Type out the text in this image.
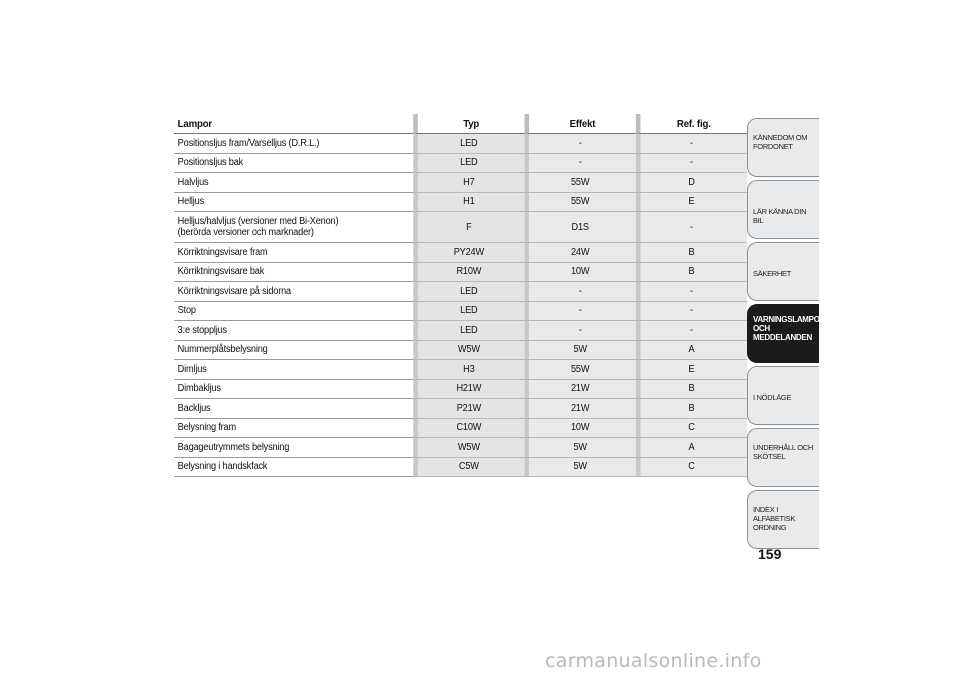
Lampor	Typ	Effekt	Ref. fig.

Positionsljus fram/Varselljus (D.R.L.)	LED	-	-

Positionsljus bak	LED	-	-

Halvljus	H7	55W	D

Helljus	H1	55W	E

Helljus/halvljus (versioner med Bi-Xenon)
(berörda versioner och marknader)	F	D1S	-

Körriktningsvisare fram	PY24W	24W	B

Körriktningsvisare bak	R10W	10W	B

Körriktningsvisare på sidorna	LED	-	-

Stop	LED	-	-

3:e stoppljus	LED	-	-

Nummerplåtsbelysning	W5W	5W	A

Dimljus	H3	55W	E

Dimbakljus	H21W	21W	B

Backljus	P21W	21W	B

Belysning fram	C10W	10W	C

Bagageutrymmets belysning	W5W	5W	A

Belysning i handskfack	C5W	5W	C
KÄNNEDOM OM FORDONET
LÄR KÄNNA DIN BIL
SÄKERHET
VARNINGSLAMPOR OCH MEDDELANDEN
I NÖDLÄGE
UNDERHÅLL OCH SKÖTSEL
INDEX I ALFABETISK ORDNING
159
carmanualsonline.info
